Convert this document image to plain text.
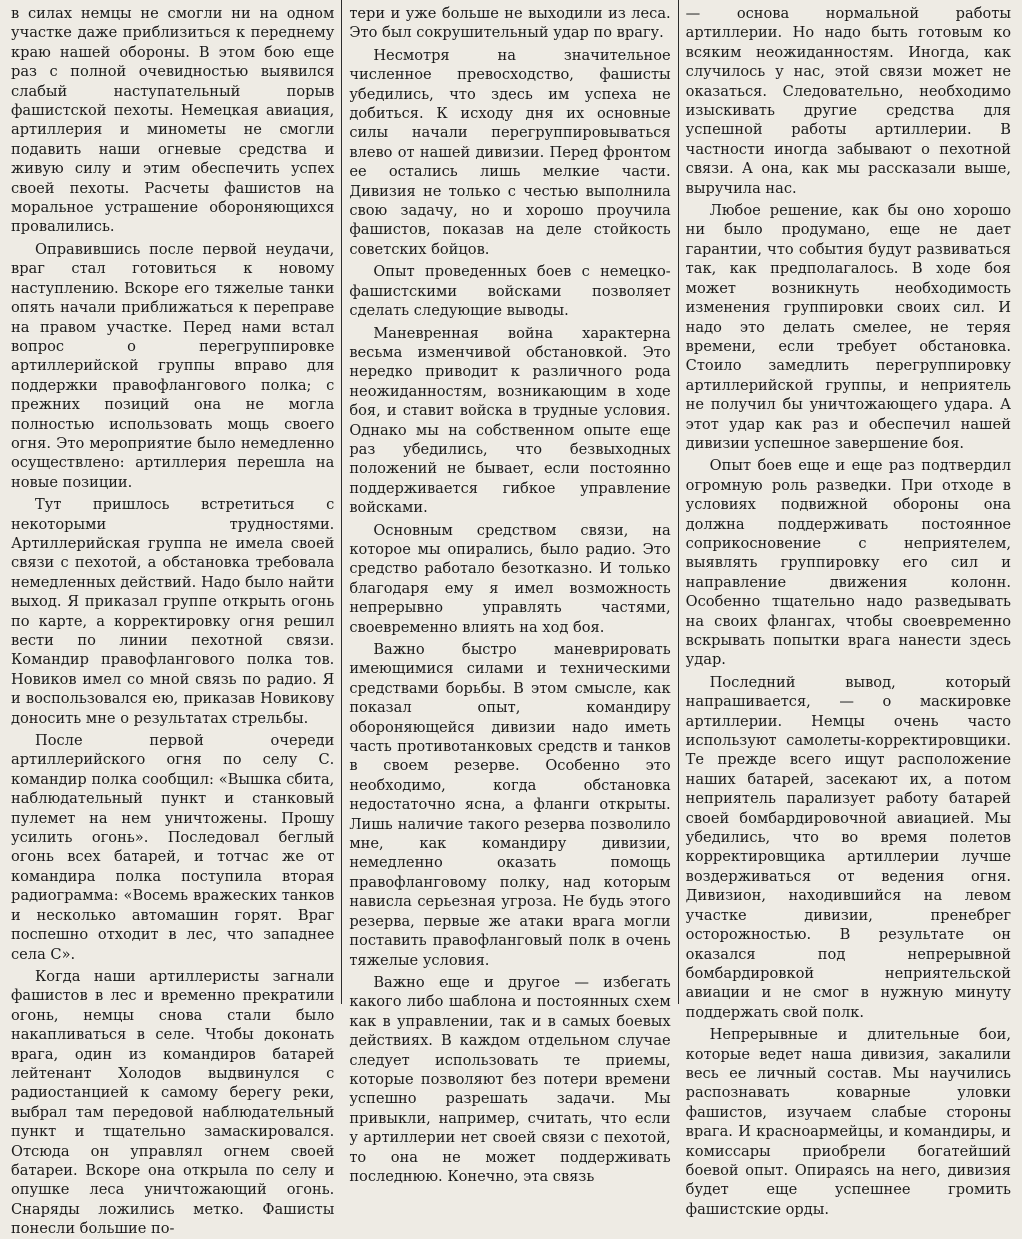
в силах немцы не смогли ни на одном участке даже приблизиться к переднему краю нашей обороны. В этом бою еще раз с полной очевидностью выявился слабый наступательный порыв фашистской пехоты. Немецкая авиация, артиллерия и минометы не смогли подавить наши огневые средства и живую силу и этим обеспечить успех своей пехоты. Расчеты фашистов на моральное устрашение обороняющихся провалились.

Оправившись после первой неудачи, враг стал готовиться к новому наступлению. Вскоре его тяжелые танки опять начали приближаться к переправе на правом участке. Перед нами встал вопрос о перегруппировке артиллерийской группы вправо для поддержки правофлангового полка; с прежних позиций она не могла полностью использовать мощь своего огня. Это мероприятие было немедленно осуществлено: артиллерия перешла на новые позиции.

Тут пришлось встретиться с некоторыми трудностями. Артиллерийская группа не имела своей связи с пехотой, а обстановка требовала немедленных действий. Надо было найти выход. Я приказал группе открыть огонь по карте, а корректировку огня решил вести по линии пехотной связи. Командир правофлангового полка тов. Новиков имел со мной связь по радио. Я и воспользовался ею, приказав Новикову доносить мне о результатах стрельбы.

После первой очереди артиллерийского огня по селу С. командир полка сообщил: «Вышка сбита, наблюдательный пункт и станковый пулемет на нем уничтожены. Прошу усилить огонь». Последовал беглый огонь всех батарей, и тотчас же от командира полка поступила вторая радиограмма: «Восемь вражеских танков и несколько автомашин горят. Враг поспешно отходит в лес, что западнее села С».

Когда наши артиллеристы загнали фашистов в лес и временно прекратили огонь, немцы снова стали было накапливаться в селе. Чтобы доконать врага, один из командиров батарей лейтенант Холодов выдвинулся с радиостанцией к самому берегу реки, выбрал там передовой наблюдательный пункт и тщательно замаскировался. Отсюда он управлял огнем своей батареи. Вскоре она открыла по селу и опушке леса уничтожающий огонь. Снаряды ложились метко. Фашисты понесли большие по-

тери и уже больше не выходили из леса. Это был сокрушительный удар по врагу.

Несмотря на значительное численное превосходство, фашисты убедились, что здесь им успеха не добиться. К исходу дня их основные силы начали перегруппировываться влево от нашей дивизии. Перед фронтом ее остались лишь мелкие части. Дивизия не только с честью выполнила свою задачу, но и хорошо проучила фашистов, показав на деле стойкость советских бойцов.

Опыт проведенных боев с немецко-фашистскими войсками позволяет сделать следующие выводы.

Маневренная война характерна весьма изменчивой обстановкой. Это нередко приводит к различного рода неожиданностям, возникающим в ходе боя, и ставит войска в трудные условия. Однако мы на собственном опыте еще раз убедились, что безвыходных положений не бывает, если постоянно поддерживается гибкое управление войсками.

Основным средством связи, на которое мы опирались, было радио. Это средство работало безотказно. И только благодаря ему я имел возможность непрерывно управлять частями, своевременно влиять на ход боя.

Важно быстро маневрировать имеющимися силами и техническими средствами борьбы. В этом смысле, как показал опыт, командиру обороняющейся дивизии надо иметь часть противотанковых средств и танков в своем резерве. Особенно это необходимо, когда обстановка недостаточно ясна, а фланги открыты. Лишь наличие такого резерва позволило мне, как командиру дивизии, немедленно оказать помощь правофланговому полку, над которым нависла серьезная угроза. Не будь этого резерва, первые же атаки врага могли поставить правофланговый полк в очень тяжелые условия.

Важно еще и другое — избегать какого либо шаблона и постоянных схем как в управлении, так и в самых боевых действиях. В каждом отдельном случае следует использовать те приемы, которые позволяют без потери времени успешно разрешать задачи. Мы привыкли, например, считать, что если у артиллерии нет своей связи с пехотой, то она не может поддерживать последнюю. Конечно, эта связь

— основа нормальной работы артиллерии. Но надо быть готовым ко всяким неожиданностям. Иногда, как случилось у нас, этой связи может не оказаться. Следовательно, необходимо изыскивать другие средства для успешной работы артиллерии. В частности иногда забывают о пехотной связи. А она, как мы рассказали выше, выручила нас.

Любое решение, как бы оно хорошо ни было продумано, еще не дает гарантии, что события будут развиваться так, как предполагалось. В ходе боя может возникнуть необходимость изменения группировки своих сил. И надо это делать смелее, не теряя времени, если требует обстановка. Стоило замедлить перегруппировку артиллерийской группы, и неприятель не получил бы уничтожающего удара. А этот удар как раз и обеспечил нашей дивизии успешное завершение боя.

Опыт боев еще и еще раз подтвердил огромную роль разведки. При отходе в условиях подвижной обороны она должна поддерживать постоянное соприкосновение с неприятелем, выявлять группировку его сил и направление движения колонн. Особенно тщательно надо разведывать на своих флангах, чтобы своевременно вскрывать попытки врага нанести здесь удар.

Последний вывод, который напрашивается, — о маскировке артиллерии. Немцы очень часто используют самолеты-корректировщики. Те прежде всего ищут расположение наших батарей, засекают их, а потом неприятель парализует работу батарей своей бомбардировочной авиацией. Мы убедились, что во время полетов корректировщика артиллерии лучше воздерживаться от ведения огня. Дивизион, находившийся на левом участке дивизии, пренебрег осторожностью. В результате он оказался под непрерывной бомбардировкой неприятельской авиации и не смог в нужную минуту поддержать свой полк.

Непрерывные и длительные бои, которые ведет наша дивизия, закалили весь ее личный состав. Мы научились распознавать коварные уловки фашистов, изучаем слабые стороны врага. И красноармейцы, и командиры, и комиссары приобрели богатейший боевой опыт. Опираясь на него, дивизия будет еще успешнее громить фашистские орды.
